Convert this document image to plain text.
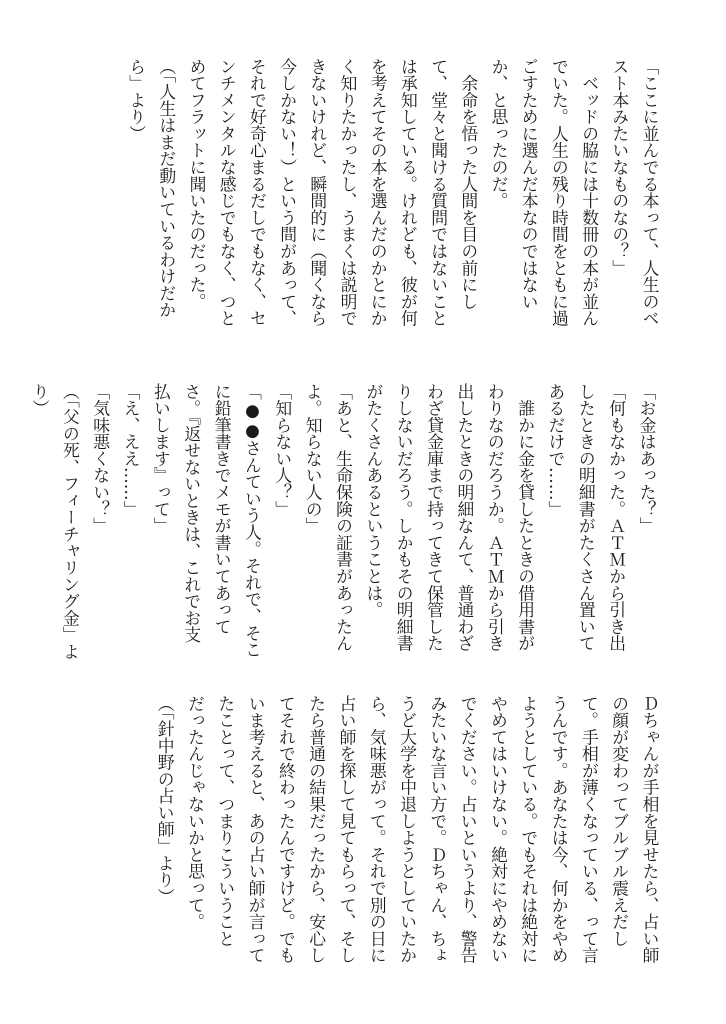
「ここに並んでる本って、人生のベ
スト本みたいなものなの？」
　ベッドの脇には十数冊の本が並ん
でいた。人生の残り時間をともに過
ごすために選んだ本なのではない
か、と思ったのだ。
　余命を悟った人間を目の前にし
て、堂々と聞ける質問ではないこと
は承知している。けれども、彼が何
を考えてその本を選んだのかとにか
く知りたかったし、うまくは説明で
きないけれど、瞬間的に（聞くなら
今しかない！）という間があって、
それで好奇心まるだしでもなく、セ
ンチメンタルな感じでもなく、つと
めてフラットに聞いたのだった。
（「人生はまだ動いているわけだか
ら」より）
「お金はあった？」
「何もなかった。ＡＴＭから引き出
したときの明細書がたくさん置いて
あるだけで……」
　誰かに金を貸したときの借用書が
わりなのだろうか。ＡＴＭから引き
出したときの明細なんて、普通わざ
わざ貸金庫まで持ってきて保管した
りしないだろう。しかもその明細書
がたくさんあるということは。
「あと、生命保険の証書があったん
よ。知らない人の」
「知らない人？」
「●●さんていう人。それで、そこ
に鉛筆書きでメモが書いてあって
さ。『返せないときは、これでお支
払いします』って」
「え、ええ……」
「気味悪くない？」
（「父の死、フィーチャリング金」よ
り）
Ｄちゃんが手相を見せたら、占い師
の顔が変わってブルブル震えだし
て。手相が薄くなっている、って言
うんです。あなたは今、何かをやめ
ようとしている。でもそれは絶対に
やめてはいけない。絶対にやめない
でください。占いというより、警告
みたいな言い方で。Ｄちゃん、ちょ
うど大学を中退しようとしていたか
ら、気味悪がって。それで別の日に
占い師を探して見てもらって、そし
たら普通の結果だったから、安心し
てそれで終わったんですけど。でも
いま考えると、あの占い師が言って
たことって、つまりこういうこと
だったんじゃないかと思って。
（「針中野の占い師」より）
